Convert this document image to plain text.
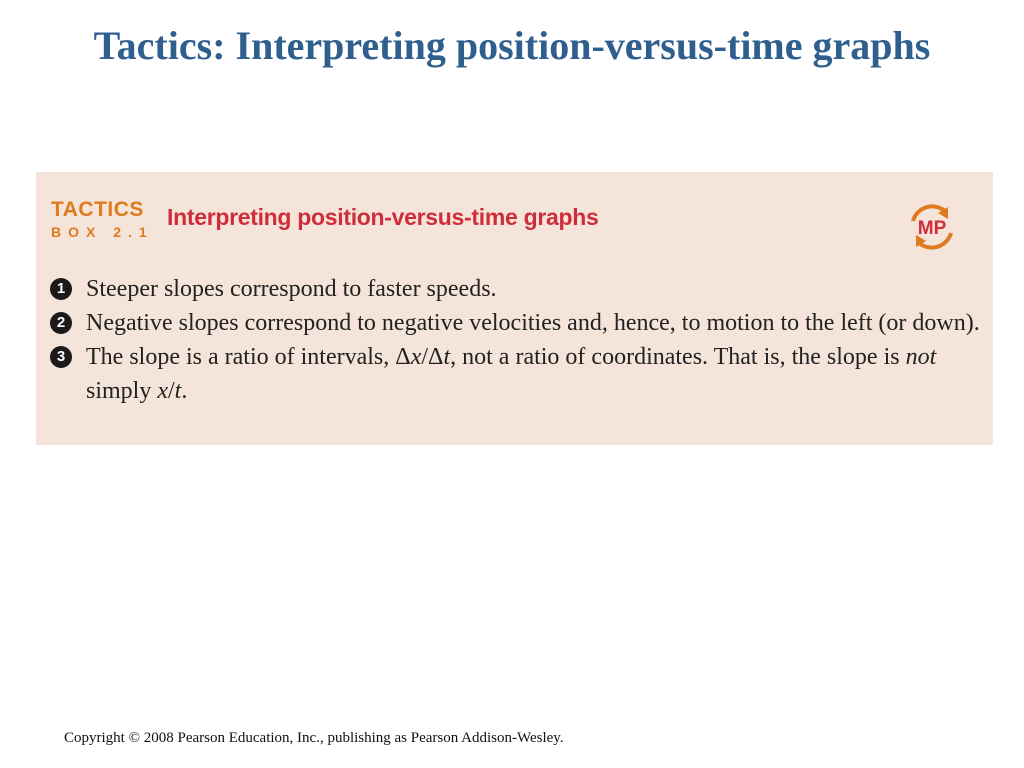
Tactics: Interpreting position-versus-time graphs
TACTICS
BOX 2.1
Interpreting position-versus-time graphs	MP
1 Steeper slopes correspond to faster speeds.
2 Negative slopes correspond to negative velocities and, hence, to motion to the left (or down).
3 The slope is a ratio of intervals, Δx/Δt, not a ratio of coordinates. That is, the slope is not simply x/t.
Copyright © 2008 Pearson Education, Inc., publishing as Pearson Addison-Wesley.
